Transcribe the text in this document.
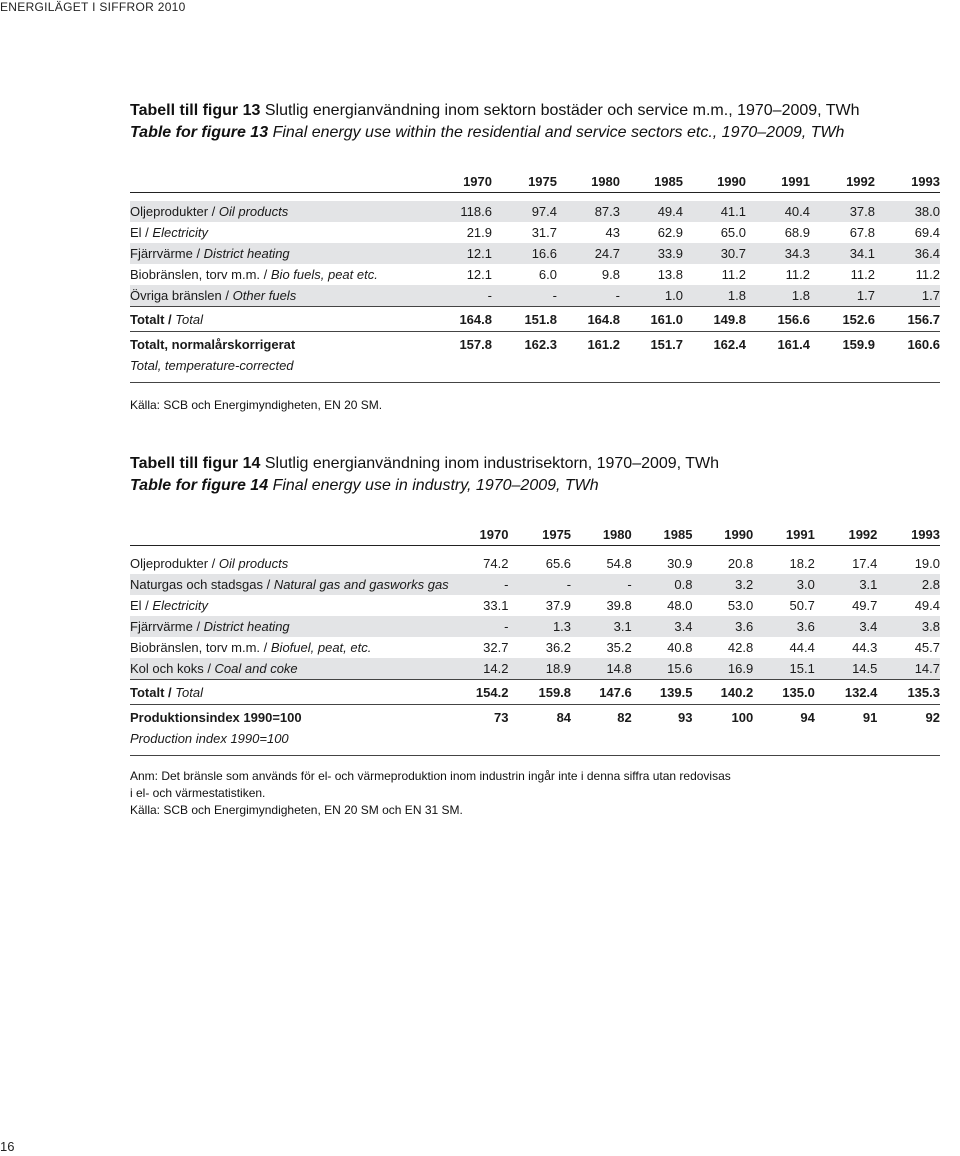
ENERGILÄGET I SIFFROR 2010

Tabell till figur 13 Slutlig energianvändning inom sektorn bostäder och service m.m., 1970–2009, TWh

Table for figure 13 Final energy use within the residential and service sectors etc., 1970–2009, TWh

	1970	1975	1980	1985	1990	1991	1992	1993

Oljeprodukter / Oil products	118.6	97.4	87.3	49.4	41.1	40.4	37.8	38.0
El / Electricity	21.9	31.7	43	62.9	65.0	68.9	67.8	69.4
Fjärrvärme / District heating	12.1	16.6	24.7	33.9	30.7	34.3	34.1	36.4
Biobränslen, torv m.m. / Bio fuels, peat etc.	12.1	6.0	9.8	13.8	11.2	11.2	11.2	11.2
Övriga bränslen / Other fuels	-	-	-	1.0	1.8	1.8	1.7	1.7
Totalt / Total	164.8	151.8	164.8	161.0	149.8	156.6	152.6	156.7
Totalt, normalårskorrigerat	157.8	162.3	161.2	151.7	162.4	161.4	159.9	160.6
Total, temperature-corrected								

Källa: SCB och Energimyndigheten, EN 20 SM.

Tabell till figur 14 Slutlig energianvändning inom industrisektorn, 1970–2009, TWh

Table for figure 14 Final energy use in industry, 1970–2009, TWh

	1970	1975	1980	1985	1990	1991	1992	1993

Oljeprodukter / Oil products	74.2	65.6	54.8	30.9	20.8	18.2	17.4	19.0
Naturgas och stadsgas / Natural gas and gasworks gas	-	-	-	0.8	3.2	3.0	3.1	2.8
El / Electricity	33.1	37.9	39.8	48.0	53.0	50.7	49.7	49.4
Fjärrvärme / District heating	-	1.3	3.1	3.4	3.6	3.6	3.4	3.8
Biobränslen, torv m.m. / Biofuel, peat, etc.	32.7	36.2	35.2	40.8	42.8	44.4	44.3	45.7
Kol och koks / Coal and coke	14.2	18.9	14.8	15.6	16.9	15.1	14.5	14.7
Totalt / Total	154.2	159.8	147.6	139.5	140.2	135.0	132.4	135.3
Produktionsindex 1990=100	73	84	82	93	100	94	91	92
Production index 1990=100								

Anm: Det bränsle som används för el- och värmeproduktion inom industrin ingår inte i denna siffra utan redovisas

i el- och värmestatistiken.

Källa: SCB och Energimyndigheten, EN 20 SM och EN 31 SM.

16
